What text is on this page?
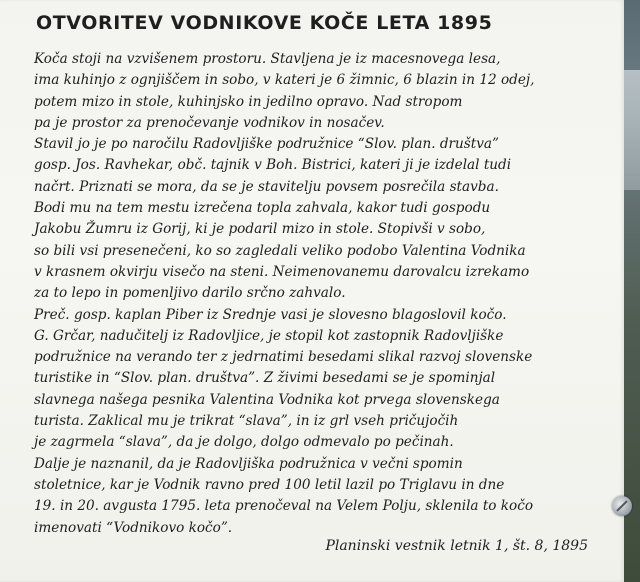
OTVORITEV VODNIKOVE KOČE LETA 1895
Koča stoji na vzvišenem prostoru. Stavljena je iz macesnovega lesa,
ima kuhinjo z ognjiščem in sobo, v kateri je 6 žimnic, 6 blazin in 12 odej,
potem mizo in stole, kuhinjsko in jedilno opravo. Nad stropom
pa je prostor za prenočevanje vodnikov in nosačev.
Stavil jo je po naročilu Radovljiške podružnice “Slov. plan. društva”
gosp. Jos. Ravhekar, obč. tajnik v Boh. Bistrici, kateri ji je izdelal tudi
načrt. Priznati se mora, da se je stavitelju povsem posrečila stavba.
Bodi mu na tem mestu izrečena topla zahvala, kakor tudi gospodu
Jakobu Žumru iz Gorij, ki je podaril mizo in stole. Stopivši v sobo,
so bili vsi presenečeni, ko so zagledali veliko podobo Valentina Vodnika
v krasnem okvirju visečo na steni. Neimenovanemu darovalcu izrekamo
za to lepo in pomenljivo darilo srčno zahvalo.
Preč. gosp. kaplan Piber iz Srednje vasi je slovesno blagoslovil kočo.
G. Grčar, nadučitelj iz Radovljice, je stopil kot zastopnik Radovljiške
podružnice na verando ter z jedrnatimi besedami slikal razvoj slovenske
turistike in “Slov. plan. društva”. Z živimi besedami se je spominjal
slavnega našega pesnika Valentina Vodnika kot prvega slovenskega
turista. Zaklical mu je trikrat “slava”, in iz grl vseh pričujočih
je zagrmela “slava”, da je dolgo, dolgo odmevalo po pečinah.
Dalje je naznanil, da je Radovljiška podružnica v večni spomin
stoletnice, kar je Vodnik ravno pred 100 letil lazil po Triglavu in dne
19. in 20. avgusta 1795. leta prenočeval na Velem Polju, sklenila to kočo
imenovati “Vodnikovo kočo”.
Planinski vestnik letnik 1, št. 8, 1895
